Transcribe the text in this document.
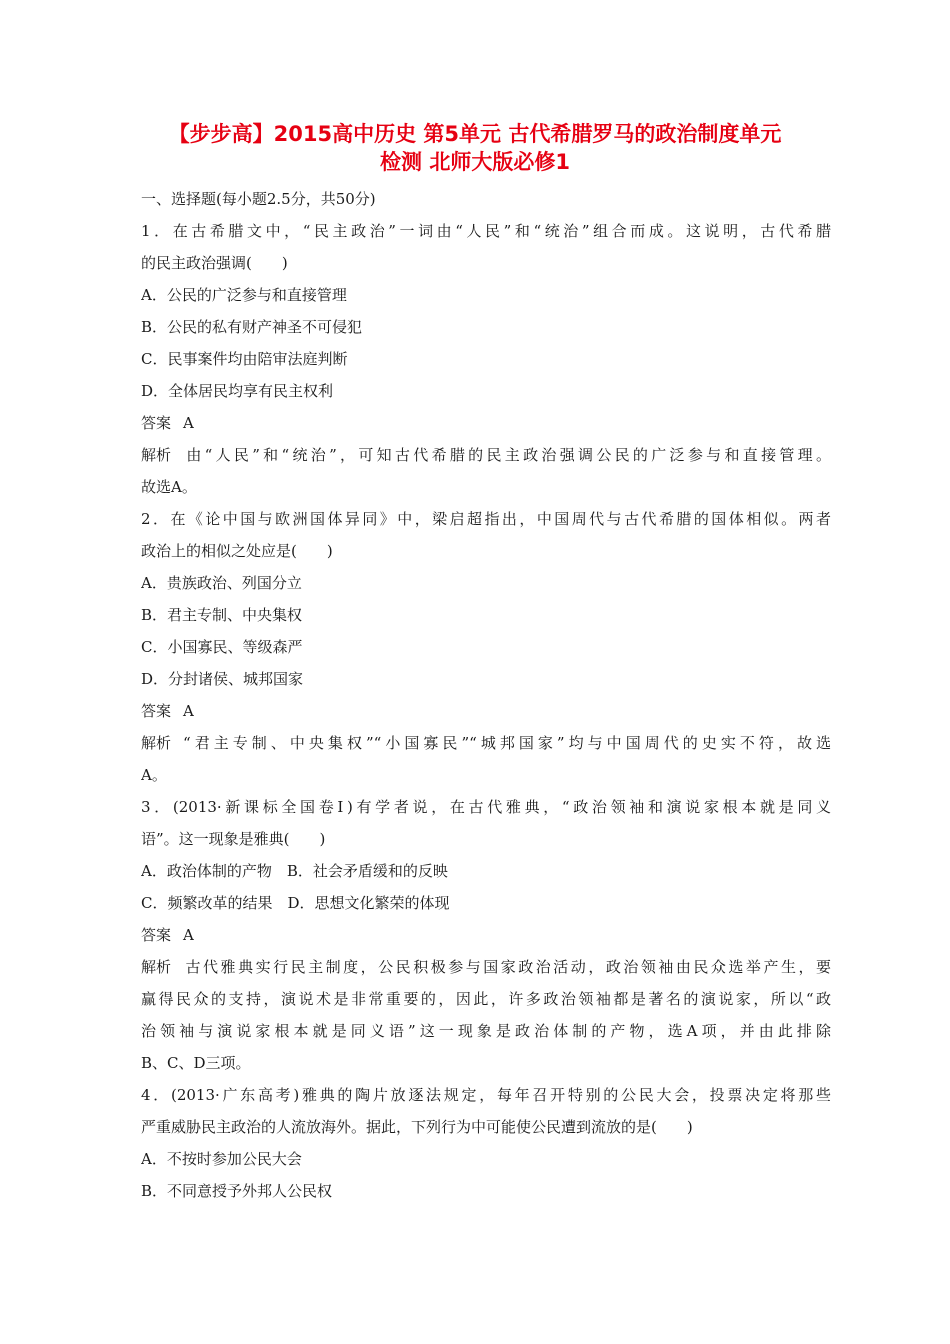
【步步高】2015高中历史 第5单元 古代希腊罗马的政治制度单元
检测 北师大版必修1
一、选择题(每小题2.5分，共50分)
1．在古希腊文中，“民主政治”一词由“人民”和“统治”组合而成。这说明，古代希腊
的民主政治强调(　　)
A．公民的广泛参与和直接管理
B．公民的私有财产神圣不可侵犯
C．民事案件均由陪审法庭判断
D．全体居民均享有民主权利
答案 A
解析 由“人民”和“统治”，可知古代希腊的民主政治强调公民的广泛参与和直接管理。
故选A。
2．在《论中国与欧洲国体异同》中，梁启超指出，中国周代与古代希腊的国体相似。两者
政治上的相似之处应是(　　)
A．贵族政治、列国分立
B．君主专制、中央集权
C．小国寡民、等级森严
D．分封诸侯、城邦国家
答案 A
解析 “君主专制、中央集权”“小国寡民”“城邦国家”均与中国周代的史实不符，故选
A。
3．(2013·新课标全国卷Ⅰ)有学者说，在古代雅典，“政治领袖和演说家根本就是同义
语”。这一现象是雅典(　　)
A．政治体制的产物　B．社会矛盾缓和的反映
C．频繁改革的结果　D．思想文化繁荣的体现
答案 A
解析 古代雅典实行民主制度，公民积极参与国家政治活动，政治领袖由民众选举产生，要
赢得民众的支持，演说术是非常重要的，因此，许多政治领袖都是著名的演说家，所以“政
治领袖与演说家根本就是同义语”这一现象是政治体制的产物，选A项，并由此排除
B、C、D三项。
4．(2013·广东高考)雅典的陶片放逐法规定，每年召开特别的公民大会，投票决定将那些
严重威胁民主政治的人流放海外。据此，下列行为中可能使公民遭到流放的是(　　)
A．不按时参加公民大会
B．不同意授予外邦人公民权
